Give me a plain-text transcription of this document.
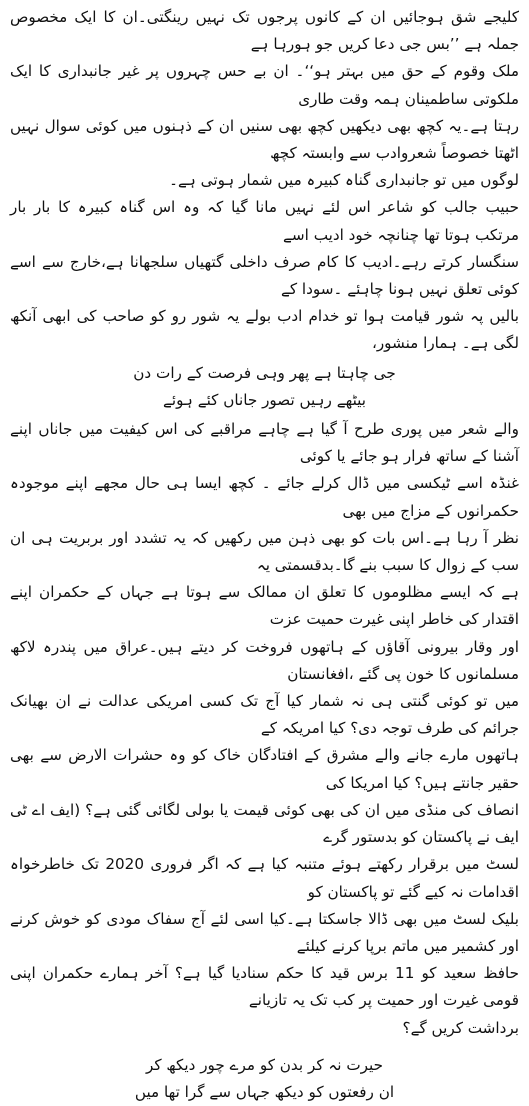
کلیجے شق ہوجائیں ان کے کانوں پرجوں تک نہیں رینگتی۔ان کا ایک مخصوص جملہ ہے ’’بس جی دعا کریں جو ہورہا ہے

ملک وقوم کے حق میں بہتر ہو‘‘۔ ان بے حس چہروں پر غیر جانبداری کا ایک ملکوتی ساطمینان ہمہ وقت طاری

رہتا ہے۔یہ کچھ بھی دیکھیں کچھ بھی سنیں ان کے ذہنوں میں کوئی سوال نہیں اٹھتا خصوصاً شعروادب سے وابستہ کچھ

لوگوں میں تو جانبداری گناہ کبیرہ میں شمار ہوتی ہے۔

حبیب جالب کو شاعر اس لئے نہیں مانا گیا کہ وہ اس گناہ کبیرہ کا بار بار مرتکب ہوتا تھا چنانچہ خود ادیب اسے

سنگسار کرتے رہے۔ادیب کا کام صرف داخلی گتھیاں سلجھانا ہے،خارج سے اسے کوئی تعلق نہیں ہونا چاہئے ۔سودا کے

بالیں پہ شور قیامت ہوا تو خدام ادب بولے یہ شور رو کو صاحب کی ابھی آنکھ لگی ہے۔ ہمارا منشور،

جی چاہتا ہے پھر وہی فرصت کے رات دن

بیٹھے رہیں تصور جاناں کئے ہوئے

والے شعر میں پوری طرح آ گیا ہے چاہے مراقبے کی اس کیفیت میں جاناں اپنے آشنا کے ساتھ فرار ہو جائے یا کوئی

غنڈہ اسے ٹیکسی میں ڈال کرلے جائے ۔ کچھ ایسا ہی حال مجھے اپنے موجودہ حکمرانوں کے مزاج میں بھی

نظر آ رہا ہے۔اس بات کو بھی ذہن میں رکھیں کہ یہ تشدد اور بربریت ہی ان سب کے زوال کا سبب بنے گا۔بدقسمتی یہ

ہے کہ ایسے مظلوموں کا تعلق ان ممالک سے ہوتا ہے جہاں کے حکمران اپنے اقتدار کی خاطر اپنی غیرت حمیت عزت

اور وقار بیرونی آقاؤں کے ہاتھوں فروخت کر دیتے ہیں۔عراق میں پندرہ لاکھ مسلمانوں کا خون پی گئے ،افغانستان

میں تو کوئی گنتی ہی نہ شمار کیا آج تک کسی امریکی عدالت نے ان بھیانک جرائم کی طرف توجہ دی؟ کیا امریکہ کے

ہاتھوں مارے جانے والے مشرق کے افتادگان خاک کو وہ حشرات الارض سے بھی حقیر جانتے ہیں؟ کیا امریکا کی

انصاف کی منڈی میں ان کی بھی کوئی قیمت یا بولی لگائی گئی ہے؟ (ایف اے ٹی ایف نے پاکستان کو بدستور گرے

لسٹ میں برقرار رکھتے ہوئے متنبہ کیا ہے کہ اگر فروری 2020 تک خاطرخواہ اقدامات نہ کیے گئے تو پاکستان کو

بلیک لسٹ میں بھی ڈالا جاسکتا ہے۔کیا اسی لئے آج سفاک مودی کو خوش کرنے اور کشمیر میں ماتم برپا کرنے کیلئے

حافظ سعید کو 11 برس قید کا حکم سنادیا گیا ہے؟ آخر ہمارے حکمران اپنی قومی غیرت اور حمیت پر کب تک یہ تازیانے

برداشت کریں گے؟

حیرت نہ کر بدن کو مرے چور دیکھ کر

ان رفعتوں کو دیکھ جہاں سے گرا تھا میں
